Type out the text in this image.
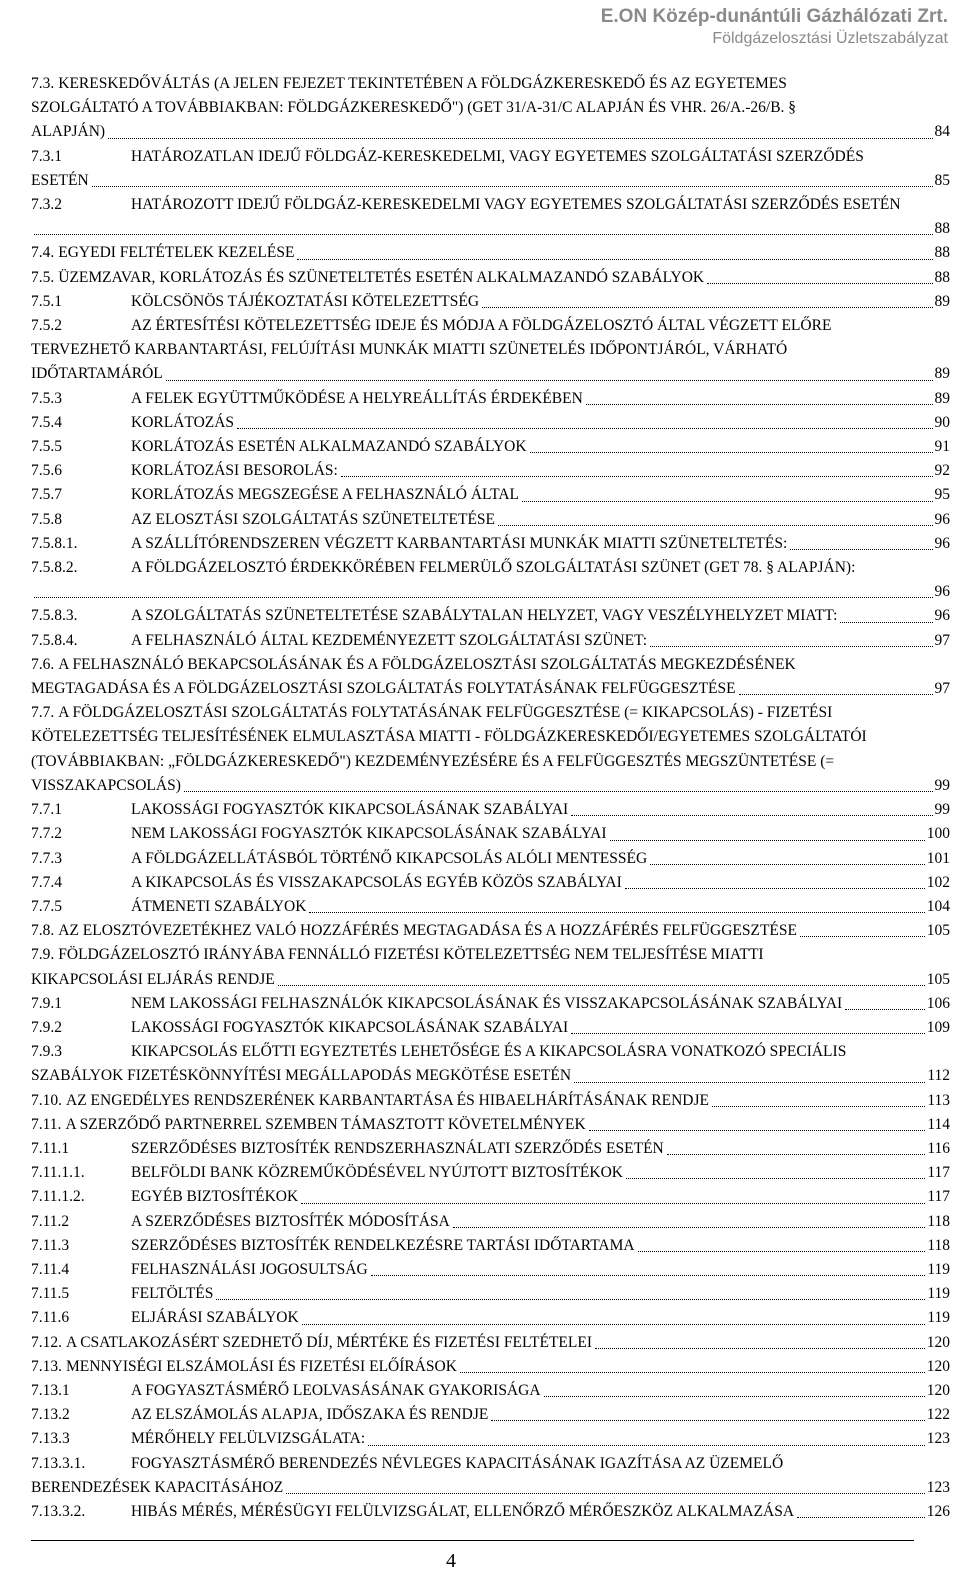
E.ON Közép-dunántúli Gázhálózati Zrt.
Földgázelosztási Üzletszabályzat
7.3. KERESKEDŐVÁLTÁS (A JELEN FEJEZET TEKINTETÉBEN A FÖLDGÁZKERESKEDŐ ÉS AZ EGYETEMES
SZOLGÁLTATÓ A TOVÁBBIAKBAN: FÖLDGÁZKERESKEDŐ") (GET 31/A-31/C ALAPJÁN ÉS VHR. 26/A.-26/B. §
ALAPJÁN)	84
7.3.1	HATÁROZATLAN IDEJŰ FÖLDGÁZ-KERESKEDELMI, VAGY EGYETEMES SZOLGÁLTATÁSI SZERZŐDÉS
ESETÉN	85
7.3.2	HATÁROZOTT IDEJŰ FÖLDGÁZ-KERESKEDELMI VAGY EGYETEMES SZOLGÁLTATÁSI SZERZŐDÉS ESETÉN
88
7.4. EGYEDI FELTÉTELEK KEZELÉSE	88
7.5. ÜZEMZAVAR, KORLÁTOZÁS ÉS SZÜNETELTETÉS ESETÉN ALKALMAZANDÓ SZABÁLYOK	88
7.5.1	KÖLCSÖNÖS TÁJÉKOZTATÁSI KÖTELEZETTSÉG	89
7.5.2	AZ ÉRTESÍTÉSI KÖTELEZETTSÉG IDEJE ÉS MÓDJA A FÖLDGÁZELOSZTÓ ÁLTAL VÉGZETT ELŐRE
TERVEZHETŐ KARBANTARTÁSI, FELÚJÍTÁSI MUNKÁK MIATTI SZÜNETELÉS IDŐPONTJÁRÓL, VÁRHATÓ
IDŐTARTAMÁRÓL	89
7.5.3	A FELEK EGYÜTTMŰKÖDÉSE A HELYREÁLLÍTÁS ÉRDEKÉBEN	89
7.5.4	KORLÁTOZÁS	90
7.5.5	KORLÁTOZÁS ESETÉN ALKALMAZANDÓ SZABÁLYOK	91
7.5.6	KORLÁTOZÁSI BESOROLÁS:	92
7.5.7	KORLÁTOZÁS MEGSZEGÉSE A FELHASZNÁLÓ ÁLTAL	95
7.5.8	AZ ELOSZTÁSI SZOLGÁLTATÁS SZÜNETELTETÉSE	96
7.5.8.1.	A SZÁLLÍTÓRENDSZEREN VÉGZETT KARBANTARTÁSI MUNKÁK MIATTI SZÜNETELTETÉS:	96
7.5.8.2.	A FÖLDGÁZELOSZTÓ ÉRDEKKÖRÉBEN FELMERÜLŐ SZOLGÁLTATÁSI SZÜNET (GET 78. § ALAPJÁN):
96
7.5.8.3.	A SZOLGÁLTATÁS SZÜNETELTETÉSE SZABÁLYTALAN HELYZET, VAGY VESZÉLYHELYZET MIATT:	96
7.5.8.4.	A FELHASZNÁLÓ ÁLTAL KEZDEMÉNYEZETT SZOLGÁLTATÁSI SZÜNET:	97
7.6. A FELHASZNÁLÓ BEKAPCSOLÁSÁNAK ÉS A FÖLDGÁZELOSZTÁSI SZOLGÁLTATÁS MEGKEZDÉSÉNEK
MEGTAGADÁSA ÉS A FÖLDGÁZELOSZTÁSI SZOLGÁLTATÁS FOLYTATÁSÁNAK FELFÜGGESZTÉSE	97
7.7. A FÖLDGÁZELOSZTÁSI SZOLGÁLTATÁS FOLYTATÁSÁNAK FELFÜGGESZTÉSE (= KIKAPCSOLÁS) - FIZETÉSI
KÖTELEZETTSÉG TELJESÍTÉSÉNEK ELMULASZTÁSA MIATTI - FÖLDGÁZKERESKEDŐI/EGYETEMES SZOLGÁLTATÓI
(TOVÁBBIAKBAN: „FÖLDGÁZKERESKEDŐ") KEZDEMÉNYEZÉSÉRE ÉS A FELFÜGGESZTÉS MEGSZÜNTETÉSE (=
VISSZAKAPCSOLÁS)	99
7.7.1	LAKOSSÁGI FOGYASZTÓK KIKAPCSOLÁSÁNAK SZABÁLYAI	99
7.7.2	NEM LAKOSSÁGI FOGYASZTÓK KIKAPCSOLÁSÁNAK SZABÁLYAI	100
7.7.3	A FÖLDGÁZELLÁTÁSBÓL TÖRTÉNŐ KIKAPCSOLÁS ALÓLI MENTESSÉG	101
7.7.4	A KIKAPCSOLÁS ÉS VISSZAKAPCSOLÁS EGYÉB KÖZÖS SZABÁLYAI	102
7.7.5	ÁTMENETI SZABÁLYOK	104
7.8. AZ ELOSZTÓVEZETÉKHEZ VALÓ HOZZÁFÉRÉS MEGTAGADÁSA ÉS A HOZZÁFÉRÉS FELFÜGGESZTÉSE	105
7.9. FÖLDGÁZELOSZTÓ IRÁNYÁBA FENNÁLLÓ FIZETÉSI KÖTELEZETTSÉG NEM TELJESÍTÉSE MIATTI
KIKAPCSOLÁSI ELJÁRÁS RENDJE	105
7.9.1	NEM LAKOSSÁGI FELHASZNÁLÓK KIKAPCSOLÁSÁNAK ÉS VISSZAKAPCSOLÁSÁNAK SZABÁLYAI	106
7.9.2	LAKOSSÁGI FOGYASZTÓK KIKAPCSOLÁSÁNAK SZABÁLYAI	109
7.9.3	KIKAPCSOLÁS ELŐTTI EGYEZTETÉS LEHETŐSÉGE ÉS A KIKAPCSOLÁSRA VONATKOZÓ SPECIÁLIS
SZABÁLYOK FIZETÉSKÖNNYÍTÉSI MEGÁLLAPODÁS MEGKÖTÉSE ESETÉN	112
7.10. AZ ENGEDÉLYES RENDSZERÉNEK KARBANTARTÁSA ÉS HIBAELHÁRÍTÁSÁNAK RENDJE	113
7.11. A SZERZŐDŐ PARTNERREL SZEMBEN TÁMASZTOTT KÖVETELMÉNYEK	114
7.11.1	SZERZŐDÉSES BIZTOSÍTÉK RENDSZERHASZNÁLATI SZERZŐDÉS ESETÉN	116
7.11.1.1.	BELFÖLDI BANK KÖZREMŰKÖDÉSÉVEL NYÚJTOTT BIZTOSÍTÉKOK	117
7.11.1.2.	EGYÉB BIZTOSÍTÉKOK	117
7.11.2	A SZERZŐDÉSES BIZTOSÍTÉK MÓDOSÍTÁSA	118
7.11.3	SZERZŐDÉSES BIZTOSÍTÉK RENDELKEZÉSRE TARTÁSI IDŐTARTAMA	118
7.11.4	FELHASZNÁLÁSI JOGOSULTSÁG	119
7.11.5	FELTÖLTÉS	119
7.11.6	ELJÁRÁSI SZABÁLYOK	119
7.12. A CSATLAKOZÁSÉRT SZEDHETŐ DÍJ, MÉRTÉKE ÉS FIZETÉSI FELTÉTELEI	120
7.13. MENNYISÉGI ELSZÁMOLÁSI ÉS FIZETÉSI ELŐÍRÁSOK	120
7.13.1	A FOGYASZTÁSMÉRŐ LEOLVASÁSÁNAK GYAKORISÁGA	120
7.13.2	AZ ELSZÁMOLÁS ALAPJA, IDŐSZAKA ÉS RENDJE	122
7.13.3	MÉRŐHELY FELÜLVIZSGÁLATA:	123
7.13.3.1.	FOGYASZTÁSMÉRŐ BERENDEZÉS NÉVLEGES KAPACITÁSÁNAK IGAZÍTÁSA AZ ÜZEMELŐ
BERENDEZÉSEK KAPACITÁSÁHOZ	123
7.13.3.2.	HIBÁS MÉRÉS, MÉRÉSÜGYI FELÜLVIZSGÁLAT, ELLENŐRZŐ MÉRŐESZKÖZ ALKALMAZÁSA	126
4
